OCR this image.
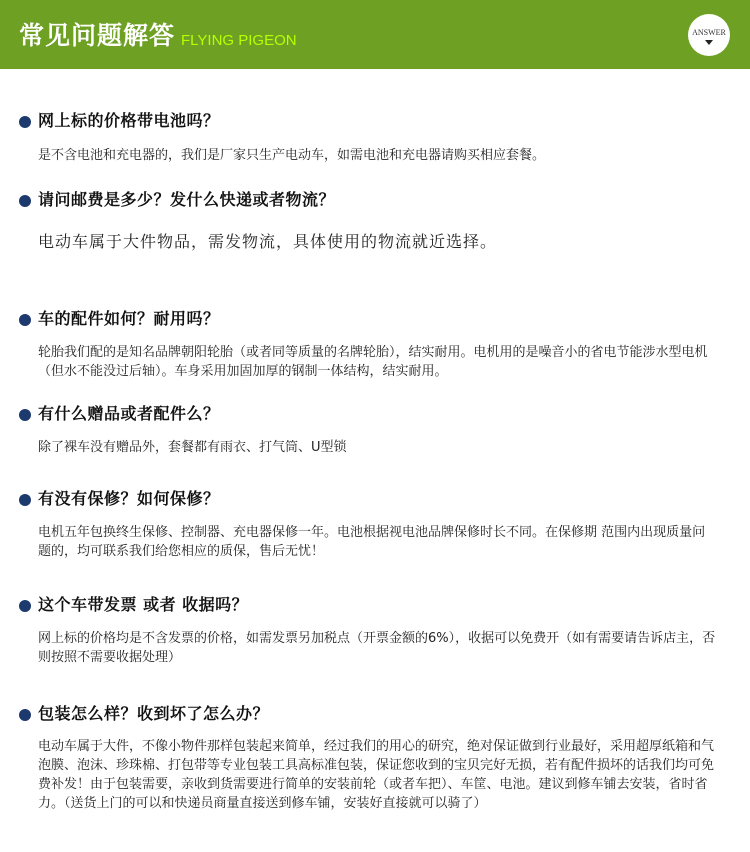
常见问题解答 FLYING PIGEON	ANSWER
网上标的价格带电池吗？
是不含电池和充电器的，我们是厂家只生产电动车，如需电池和充电器请购买相应套餐。
请问邮费是多少？发什么快递或者物流？
电动车属于大件物品，需发物流，具体使用的物流就近选择。
车的配件如何？耐用吗？
轮胎我们配的是知名品牌朝阳轮胎（或者同等质量的名牌轮胎），结实耐用。电机用的是噪音小的省电节能涉水型电机（但水不能没过后轴）。车身采用加固加厚的钢制一体结构，结实耐用。
有什么赠品或者配件么？
除了裸车没有赠品外，套餐都有雨衣、打气筒、U型锁
有没有保修？如何保修？
电机五年包换终生保修、控制器、充电器保修一年。电池根据视电池品牌保修时长不同。在保修期 范围内出现质量问题的，均可联系我们给您相应的质保，售后无忧！
这个车带发票 或者 收据吗？
网上标的价格均是不含发票的价格，如需发票另加税点（开票金额的6%），收据可以免费开（如有需要请告诉店主，否则按照不需要收据处理）
包装怎么样？收到坏了怎么办？
电动车属于大件，不像小物件那样包装起来简单，经过我们的用心的研究，绝对保证做到行业最好，采用超厚纸箱和气泡膜、泡沫、珍珠棉、打包带等专业包装工具高标准包装，保证您收到的宝贝完好无损，若有配件损坏的话我们均可免费补发！由于包装需要，亲收到货需要进行简单的安装前轮（或者车把）、车筐、电池。建议到修车铺去安装，省时省力。（送货上门的可以和快递员商量直接送到修车铺，安装好直接就可以骑了）
